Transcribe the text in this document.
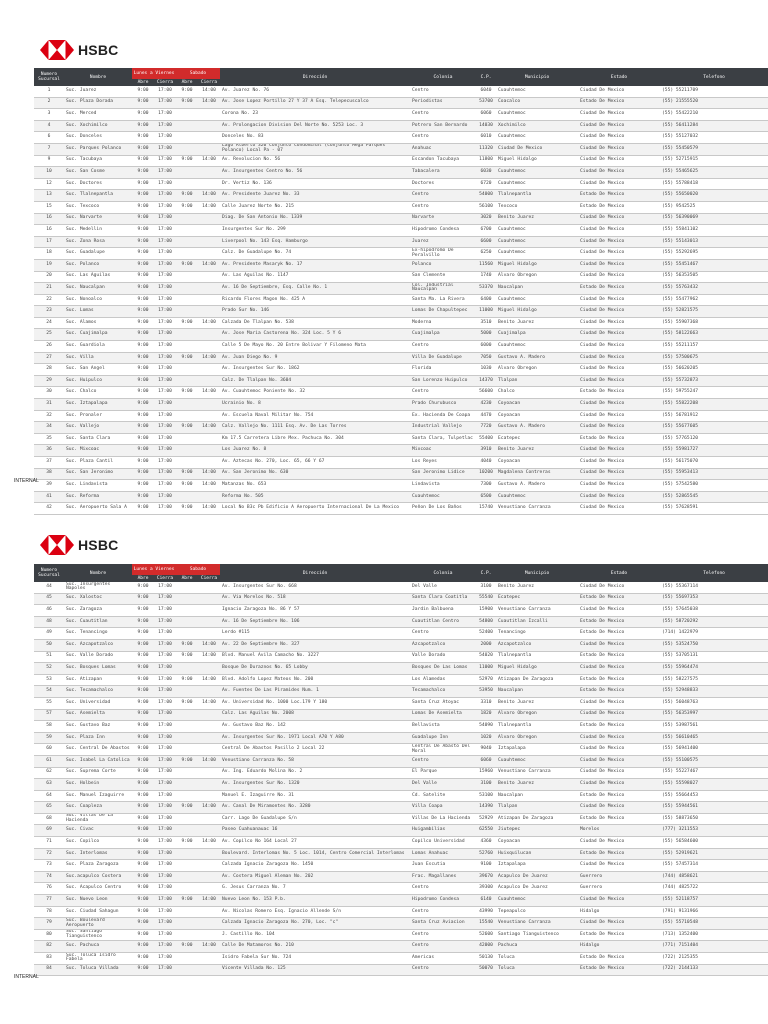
HSBC
Numero Sucursal	Nombre	Lunes a Viernes		Sabado		Dirección	Colonia	C.P.	Municipio	Estado	Telefono
		Abre	Cierra	Abre	Cierra						
1	Suc. Juarez	9:00	17:00	9:00	14:00	Av. Juarez No. 76	Centro	6040	Cuauhtemoc	Ciudad De Mexico	(55) 55211709
2	Suc. Plaza Dorada	9:00	17:00	9:00	14:00	Av. Jose Lopez Portillo 27 Y 37 A Esq. Telepecuscalco	Periodistas	53700	Coacalco	Estado De Mexico	(55) 21555520
3	Suc. Merced	9:00	17:00			Corona No. 23	Centro	6060	Cuauhtemoc	Ciudad De Mexico	(55) 55422210
4	Suc. Xochimilco	9:00	17:00			Av. Prolongacion Division Del Norte No. 5253 Loc. 3	Potrero San Bernardo	14030	Xochimilco	Ciudad De Mexico	(55) 56411284
6	Suc. Donceles	9:00	17:00			Donceles No. 83	Centro	6010	Cuauhtemoc	Ciudad De Mexico	(55) 55127032
7	Suc. Parques Polanco	9:00	17:00			Lago Alberto 320 Conjunto Condominal (conjunto Mega Parques Polanco) Local Pa - 07	Anahuac	11320	Ciudad De Mexico	Ciudad De Mexico	(55) 55450579
9	Suc. Tacubaya	9:00	17:00	9:00	14:00	Av. Revolucion No. 56	Escandon Tacubaya	11800	Miguel Hidalgo	Ciudad De Mexico	(55) 52715915
10	Suc. San Cosme	9:00	17:00			Av. Insurgentes Centro No. 56	Tabacalera	6030	Cuauhtemoc	Ciudad De Mexico	(55) 55465625
12	Suc. Doctores	9:00	17:00			Dr. Vertiz No. 136	Doctores	6720	Cuauhtemoc	Ciudad De Mexico	(55) 55788418
13	Suc. Tlalnepantla	9:00	17:00	9:00	14:00	Av. Presidente Juarez No. 33	Centro	54000	Tlalnepantla	Estado De Mexico	(55) 55650020
15	Suc. Texcoco	9:00	17:00	9:00	14:00	Calle Juarez Norte No. 215	Centro	56100	Texcoco	Estado De Mexico	(55) 9542525
16	Suc. Narvarte	9:00	17:00			Diag. De San Antonio No. 1339	Narvarte	3020	Benito Juarez	Ciudad De Mexico	(55) 56390069
16	Suc. Medellin	9:00	17:00			Insurgentes Sur No. 299	Hipodromo Condesa	6700	Cuauhtemoc	Ciudad De Mexico	(55) 55841102
17	Suc. Zona Rosa	9:00	17:00			Liverpool No. 143 Esq. Hamburgo	Juarez	6600	Cuauhtemoc	Ciudad De Mexico	(55) 55143013
18	Suc. Guadalupe	9:00	17:00			Calz. De Guadalupe No. 74	Ex-hipodromo De Peralvillo	6250	Cuauhtemoc	Ciudad De Mexico	(55) 55292695
19	Suc. Polanco	9:00	17:00	9:00	14:00	Av. Presidente Masaryk No. 17	Polanco	11560	Miguel Hidalgo	Ciudad De Mexico	(55) 55451467
20	Suc. Las Aguilas	9:00	17:00			Av. Las Aguilas No. 1147	San Clemente	1740	Alvaro Obregon	Ciudad De Mexico	(55) 56353505
21	Suc. Naucalpan	9:00	17:00			Av. 16 De Septiembre, Esq. Calle No. 1	Col. Industrial Naucalpan	53370	Naucalpan	Estado De Mexico	(55) 55763432
22	Suc. Nonoalco	9:00	17:00			Ricardo Flores Magon No. 425 A	Santa Ma. La Rivera	6400	Cuauhtemoc	Ciudad De Mexico	(55) 55477962
23	Suc. Lomas	9:00	17:00			Prado Sur No. 146	Lomas De Chapultepec	11000	Miguel Hidalgo	Ciudad De Mexico	(55) 52821575
24	Suc. Alamos	9:00	17:00	9:00	14:00	Calzada De Tlalpan No. 538	Moderna	3510	Benito Juarez	Ciudad De Mexico	(55) 55907368
25	Suc. Cuajimalpa	9:00	17:00			Av. Jose Maria Castorena No. 324 Loc. 5 Y 6	Cuajimalpa	5000	Cuajimalpa	Ciudad De Mexico	(55) 58122663
26	Suc. Guardiola	9:00	17:00			Calle 5 De Mayo No. 20 Entre Bolivar Y Filomeno Mata	Centro	6000	Cuauhtemoc	Ciudad De Mexico	(55) 55211157
27	Suc. Villa	9:00	17:00	9:00	14:00	Av. Juan Diego No. 9	Villa De Guadalupe	7050	Gustavo A. Madero	Ciudad De Mexico	(55) 57500675
28	Suc. San Angel	9:00	17:00			Av. Insurgentes Sur No. 1862	Florida	1030	Alvaro Obregon	Ciudad De Mexico	(55) 56620205
29	Suc. Huipulco	9:00	17:00			Calz. De Tlalpan No. 3604	San Lorenzo Huipulco	14370	Tlalpan	Ciudad De Mexico	(55) 55732873
30	Suc. Chalco	9:00	17:00	9:00	14:00	Av. Cuauhtemoc Poniente No. 32	Centro	56600	Chalco	Estado De Mexico	(55) 59755247
31	Suc. Iztapalapa	9:00	17:00			Ucrainio No. 8	Prado Churubusco	4230	Coyoacan	Ciudad De Mexico	(55) 55822208
32	Suc. Pronaler	9:00	17:00			Av. Escuela Naval Militar No. 754	Ex. Hacienda De Coapa	4470	Coyoacan	Ciudad De Mexico	(55) 56781912
34	Suc. Vallejo	9:00	17:00	9:00	14:00	Calz. Vallejo No. 1111 Esq. Av. De Las Torres	Industrial Vallejo	7720	Gustavo A. Madero	Ciudad De Mexico	(55) 55677605
35	Suc. Santa Clara	9:00	17:00			Km 17.5 Carretera Libre Mex. Pachuca No. 304	Santa Clara, Tulpetlac	55400	Ecatepec	Estado De Mexico	(55) 57765120
36	Suc. Mixcoac	9:00	17:00			Los Juarez No. 8	Mixcoac	3910	Benito Juarez	Ciudad De Mexico	(55) 55981727
37	Suc. Plaza Cantil	9:00	17:00			Av. Aztecas No. 270, Loc. 65, 66 Y 67	Los Reyes	4040	Coyoacan	Ciudad De Mexico	(55) 56175070
38	Suc. San Jeronimo	9:00	17:00	9:00	14:00	Av. San Jeronimo No. 630	San Jeronimo Lidice	10200	Magdalena Contreras	Ciudad De Mexico	(55) 55953413
39	Suc. Lindavista	9:00	17:00	9:00	14:00	Matanzas No. 653	Lindavista	7300	Gustavo A. Madero	Ciudad De Mexico	(55) 57542580
41	Suc. Reforma	9:00	17:00			Reforma No. 505	Cuauhtemoc	6500	Cuauhtemoc	Ciudad De Mexico	(55) 52865545
42	Suc. Aeropuerto Sala A	9:00	17:00	9:00	14:00	Local No B3c Pb Edificio A Aeropuerto Internacional De La Mexico	Peñon De Los Baños	15740	Venustiano Carranza	Ciudad De Mexico	(55) 57628591
INTERNAL
HSBC
Numero Sucursal	Nombre	Lunes a Viernes		Sabado		Dirección	Colonia	C.P.	Municipio	Estado	Telefono
		Abre	Cierra	Abre	Cierra						
44	Suc. Insurgentes Napoles	9:00	17:00			Av. Insurgentes Sur No. 668	Del Valle	3100	Benito Juarez	Ciudad De Mexico	(55) 55367114
45	Suc. Xalostoc	9:00	17:00			Av. Via Morelos No. 518	Santa Clara Coatitla	55540	Ecatepec	Estado De Mexico	(55) 55697353
46	Suc. Zaragoza	9:00	17:00			Ignacio Zaragoza No. 86 Y 57	Jardin Balbuena	15900	Venustiano Carranza	Ciudad De Mexico	(55) 57645038
48	Suc. Cuautitlan	9:00	17:00			Av. 16 De Septiembre No. 106	Cuautitlan Centro	54800	Cuautitlan Izcalli	Estado De Mexico	(55) 58720292
49	Suc. Tenancingo	9:00	17:00			Lerdo #115	Centro	52400	Tenancingo	Estado De Mexico	(714) 1422979
50	Suc. Azcapotzalco	9:00	17:00	9:00	14:00	Av. 22 De Septiembre No. 327	Azcapotzalco	2000	Azcapotzalco	Ciudad De Mexico	(55) 53524750
51	Suc. Valle Dorado	9:00	17:00	9:00	14:00	Blvd. Manuel Avila Camacho No. 3227	Valle Dorado	54020	Tlalnepantla	Estado De Mexico	(55) 53705131
52	Suc. Bosques Lomas	9:00	17:00			Bosque De Duraznos No. 65 Lobby	Bosques De Las Lomas	11000	Miguel Hidalgo	Ciudad De Mexico	(55) 55964474
53	Suc. Atizapan	9:00	17:00	9:00	14:00	Blvd. Adolfo Lopez Mateos No. 200	Los Alamedas	52970	Atizapan De Zaragoza	Estado De Mexico	(55) 58227575
54	Suc. Tecamachalco	9:00	17:00			Av. Fuentes De Las Piramides Num. 1	Tecamachalco	53950	Naucalpan	Estado De Mexico	(55) 52948833
55	Suc. Universidad	9:00	17:00	9:00	14:00	Av. Universidad No. 1000 Loc.179 Y 180	Santa Cruz Atoyac	3310	Benito Juarez	Ciudad De Mexico	(55) 56048763
57	Suc. Asemielta	9:00	17:00			Calz. Las Aguilas No. 2008	Lomas De Asemielta	1820	Alvaro Obregon	Ciudad De Mexico	(55) 56353997
58	Suc. Gustavo Baz	9:00	17:00			Av. Gustavo Baz No. 142	Bellavista	54090	Tlalnepantla	Estado De Mexico	(55) 53987561
59	Suc. Plaza Inn	9:00	17:00			Av. Insurgentes Sur No. 1971 Local A70 Y A80	Guadalupe Inn	1020	Alvaro Obregon	Ciudad De Mexico	(55) 56610465
60	Suc. Central De Abastos	9:00	17:00			Central De Abastos Pasillo 2 Local 22	Central De Abasto Del Moral	9040	Iztapalapa	Ciudad De Mexico	(55) 56941400
61	Suc. Isabel La Catolica	9:00	17:00	9:00	14:00	Venustiano Carranza No. 58	Centro	6060	Cuauhtemoc	Ciudad De Mexico	(55) 55100575
62	Suc. Suprema Corte	9:00	17:00			Av. Ing. Eduardo Molina No. 2	El Parque	15960	Venustiano Carranza	Ciudad De Mexico	(55) 55227467
63	Suc. Holbein	9:00	17:00			Av. Insurgentes Sur No. 1320	Del Valle	3100	Benito Juarez	Ciudad De Mexico	(55) 55598027
64	Suc. Manuel Izaguirre	9:00	17:00			Manuel E. Izaguirre No. 31	Cd. Satelite	53100	Naucalpan	Estado De Mexico	(55) 55664453
65	Suc. Coapleza	9:00	17:00	9:00	14:00	Av. Canal De Miramontes No. 3280	Villa Coapa	14390	Tlalpan	Ciudad De Mexico	(55) 55944561
68	Suc. Villas De La Hacienda	9:00	17:00			Carr. Lago De Guadalupe S/n	Villas De La Hacienda	52929	Atizapan De Zaragoza	Estado De Mexico	(55) 58873650
69	Suc. Civac	9:00	17:00			Paseo Cuahuanauac 16	Huigambilias	62550	Jiutepec	Morelos	(777) 3211553
71	Suc. Copilco	9:00	17:00	9:00	14:00	Av. Copilco No 164 Local 27	Copilco Universidad	4360	Coyoacan	Ciudad De Mexico	(55) 56584600
72	Suc. Interlomas	9:00	17:00			Boulevard. Interlomas No. 5 Loc. 1014, Centro Comercial Interlomas	Lomas Anahuac	52760	Huixquilucan	Estado De Mexico	(55) 52919621
73	Suc. Plaza Zaragoza	9:00	17:00			Calzada Ignacio Zaragoza No. 1450	Juan Escutia	9100	Iztapalapa	Ciudad De Mexico	(55) 57457314
74	Suc.acapulco Costera	9:00	17:00			Av. Costera Miguel Aleman No. 202	Frac. Magallanes	39670	Acapulco De Juarez	Guerrero	(744) 4858621
76	Suc. Acapulco Centro	9:00	17:00			G. Jesus Carranza No. 7	Centro	39300	Acapulco De Juarez	Guerrero	(744) 4825722
77	Suc. Nuevo Leon	9:00	17:00	9:00	14:00	Nuevo Leon No. 153 P.b.	Hipodromo Condesa	6140	Cuauhtemoc	Ciudad De Mexico	(55) 52118757
78	Suc. Ciudad Sahagun	9:00	17:00			Av. Nicolas Romero Esq. Ignacio Allende S/n	Centro	43990	Tepeapulco	Hidalgo	(791) 9131966
79	Suc. Boulevard Aeropuerto	9:00	17:00			Calzada Ignacio Zaragoza No. 270, Loc. "c"	Santa Cruz Aviacion	15540	Venustiano Carranza	Ciudad De Mexico	(55) 55710548
80	Suc. Santiago Tianguistenco	9:00	17:00			J. Castillo No. 104	Centro	52600	Santiago Tianguistenco	Estado De Mexico	(713) 1352400
82	Suc. Pachuca	9:00	17:00	9:00	14:00	Calle De Matamoros No. 210	Centro	42000	Pachuca	Hidalgo	(771) 7151404
83	Suc. Toluca Isidro Fabela	9:00	17:00			Isidro Fabela Sur No. 724	Americas	50130	Toluca	Estado De Mexico	(722) 2125355
84	Suc. Toluca Villada	9:00	17:00			Vicente Villada No. 125	Centro	50070	Toluca	Estado De Mexico	(722) 2144133
INTERNAL
